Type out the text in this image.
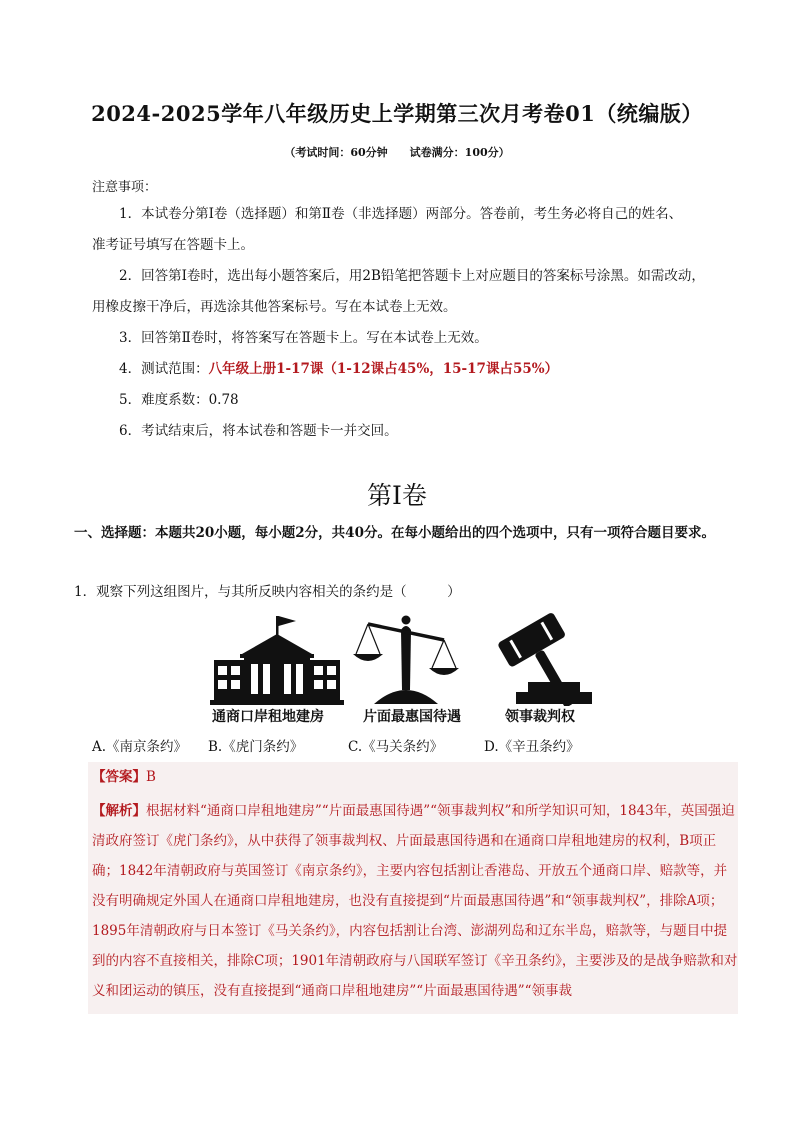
2024-2025学年八年级历史上学期第三次月考卷01（统编版）
（考试时间：60分钟　　试卷满分：100分）
注意事项：
1．本试卷分第Ⅰ卷（选择题）和第Ⅱ卷（非选择题）两部分。答卷前，考生务必将自己的姓名、
准考证号填写在答题卡上。
2．回答第Ⅰ卷时，选出每小题答案后，用2B铅笔把答题卡上对应题目的答案标号涂黑。如需改动，
用橡皮擦干净后，再选涂其他答案标号。写在本试卷上无效。
3．回答第Ⅱ卷时，将答案写在答题卡上。写在本试卷上无效。
4．测试范围：八年级上册1-17课（1-12课占45%，15-17课占55%）
5．难度系数：0.78
6．考试结束后，将本试卷和答题卡一并交回。
第Ⅰ卷
一、选择题：本题共20小题，每小题2分，共40分。在每小题给出的四个选项中，只有一项符合题目要求。
1．观察下列这组图片，与其所反映内容相关的条约是（　　　）
通商口岸租地建房	片面最惠国待遇	领事裁判权
A.《南京条约》 B.《虎门条约》	C.《马关条约》	D.《辛丑条约》
【答案】B
【解析】根据材料“通商口岸租地建房”“片面最惠国待遇”“领事裁判权”和所学知识可知，1843年，英国强迫清政府签订《虎门条约》，从中获得了领事裁判权、片面最惠国待遇和在通商口岸租地建房的权利，B项正确；1842年清朝政府与英国签订《南京条约》，主要内容包括割让香港岛、开放五个通商口岸、赔款等，并没有明确规定外国人在通商口岸租地建房，也没有直接提到“片面最惠国待遇”和“领事裁判权”，排除A项；1895年清朝政府与日本签订《马关条约》，内容包括割让台湾、澎湖列岛和辽东半岛，赔款等，与题目中提到的内容不直接相关，排除C项；1901年清朝政府与八国联军签订《辛丑条约》，主要涉及的是战争赔款和对义和团运动的镇压，没有直接提到“通商口岸租地建房”“片面最惠国待遇”“领事裁
